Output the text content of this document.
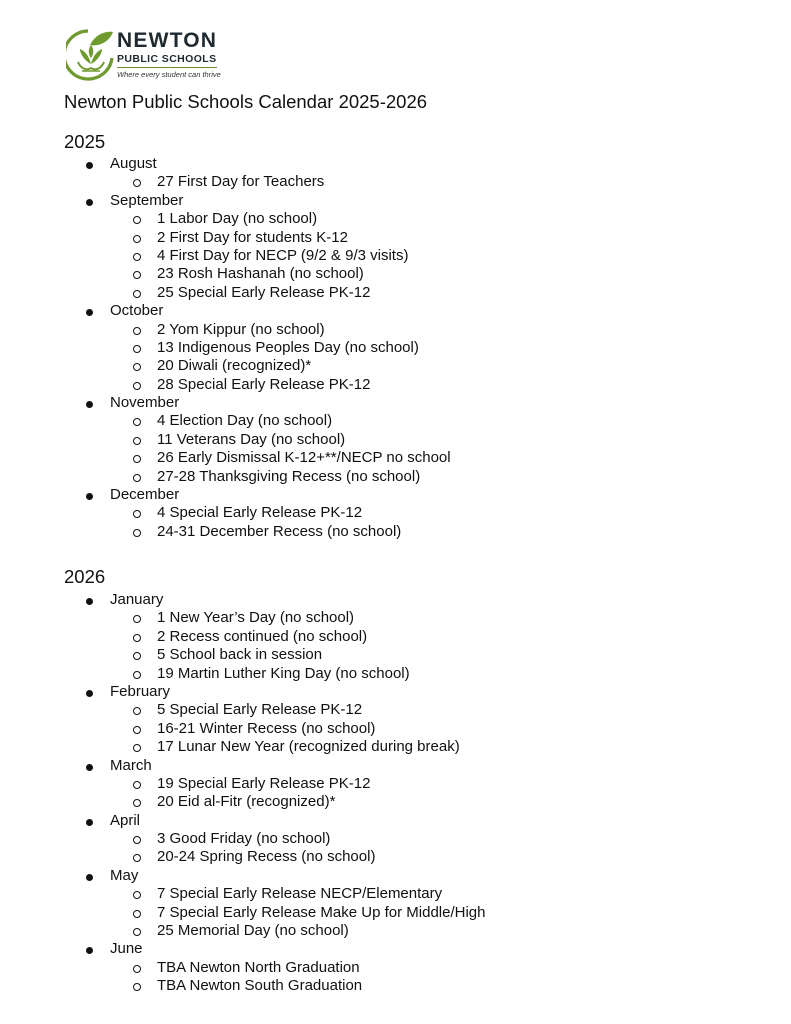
NEWTON
PUBLIC SCHOOLS
Where every student can thrive
Newton Public Schools Calendar 2025-2026
2025
August
27 First Day for Teachers
September
1 Labor Day (no school)
2 First Day for students K-12
4 First Day for NECP (9/2 & 9/3 visits)
23 Rosh Hashanah (no school)
25 Special Early Release PK-12
October
2 Yom Kippur (no school)
13 Indigenous Peoples Day (no school)
20 Diwali (recognized)*
28 Special Early Release PK-12
November
4 Election Day (no school)
11 Veterans Day (no school)
26 Early Dismissal K-12+**/NECP no school
27-28 Thanksgiving Recess (no school)
December
4 Special Early Release PK-12
24-31 December Recess (no school)
2026
January
1 New Year’s Day (no school)
2 Recess continued (no school)
5 School back in session
19 Martin Luther King Day (no school)
February
5 Special Early Release PK-12
16-21 Winter Recess (no school)
17 Lunar New Year (recognized during break)
March
19 Special Early Release PK-12
20 Eid al-Fitr (recognized)*
April
3 Good Friday (no school)
20-24 Spring Recess (no school)
May
7 Special Early Release NECP/Elementary
7 Special Early Release Make Up for Middle/High
25 Memorial Day (no school)
June
TBA Newton North Graduation
TBA Newton South Graduation
